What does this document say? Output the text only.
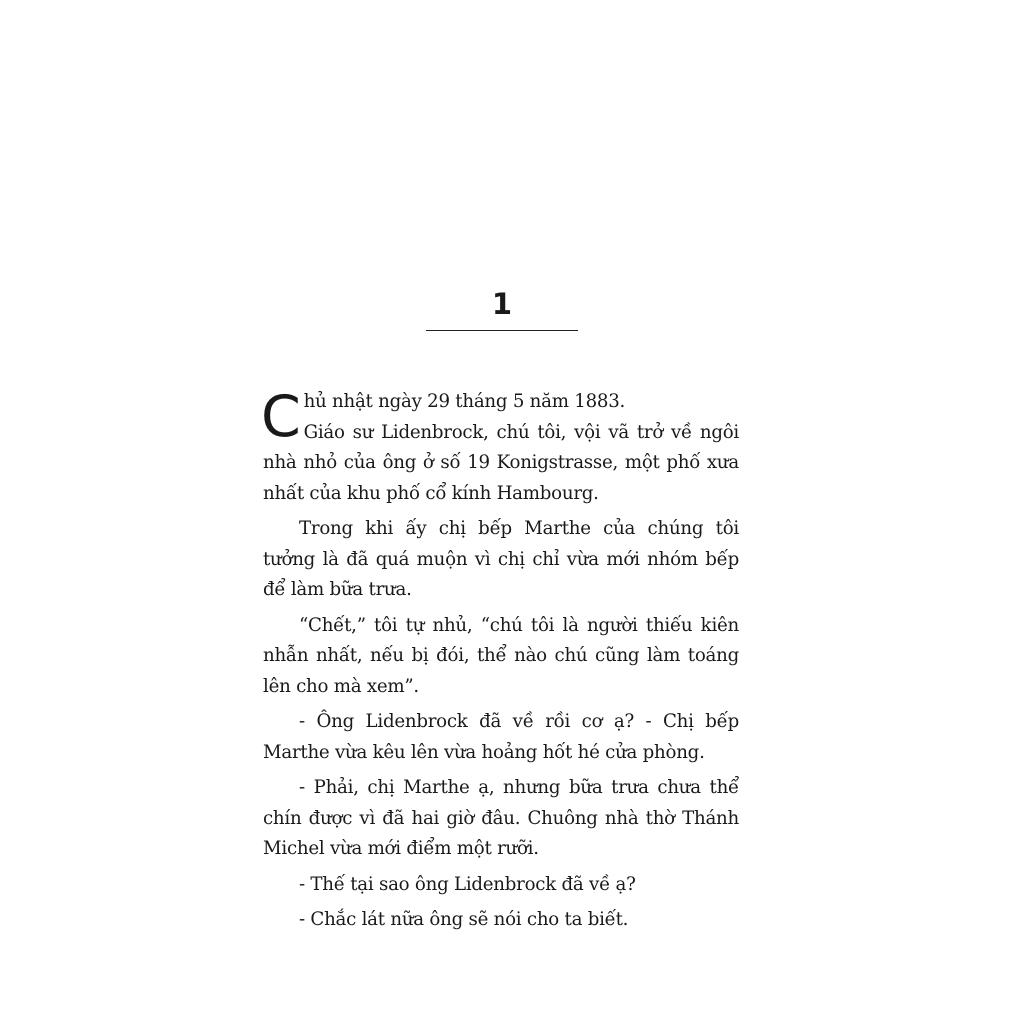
1

Chủ nhật ngày 29 tháng 5 năm 1883.
Giáo sư Lidenbrock, chú tôi, vội vã trở về ngôi nhà nhỏ của ông ở số 19 Konigstrasse, một phố xưa nhất của khu phố cổ kính Hambourg.

Trong khi ấy chị bếp Marthe của chúng tôi tưởng là đã quá muộn vì chị chỉ vừa mới nhóm bếp để làm bữa trưa.

“Chết,” tôi tự nhủ, “chú tôi là người thiếu kiên nhẫn nhất, nếu bị đói, thể nào chú cũng làm toáng lên cho mà xem”.

- Ông Lidenbrock đã về rồi cơ ạ? - Chị bếp Marthe vừa kêu lên vừa hoảng hốt hé cửa phòng.

- Phải, chị Marthe ạ, nhưng bữa trưa chưa thể chín được vì đã hai giờ đâu. Chuông nhà thờ Thánh Michel vừa mới điểm một rưỡi.

- Thế tại sao ông Lidenbrock đã về ạ?

- Chắc lát nữa ông sẽ nói cho ta biết.
